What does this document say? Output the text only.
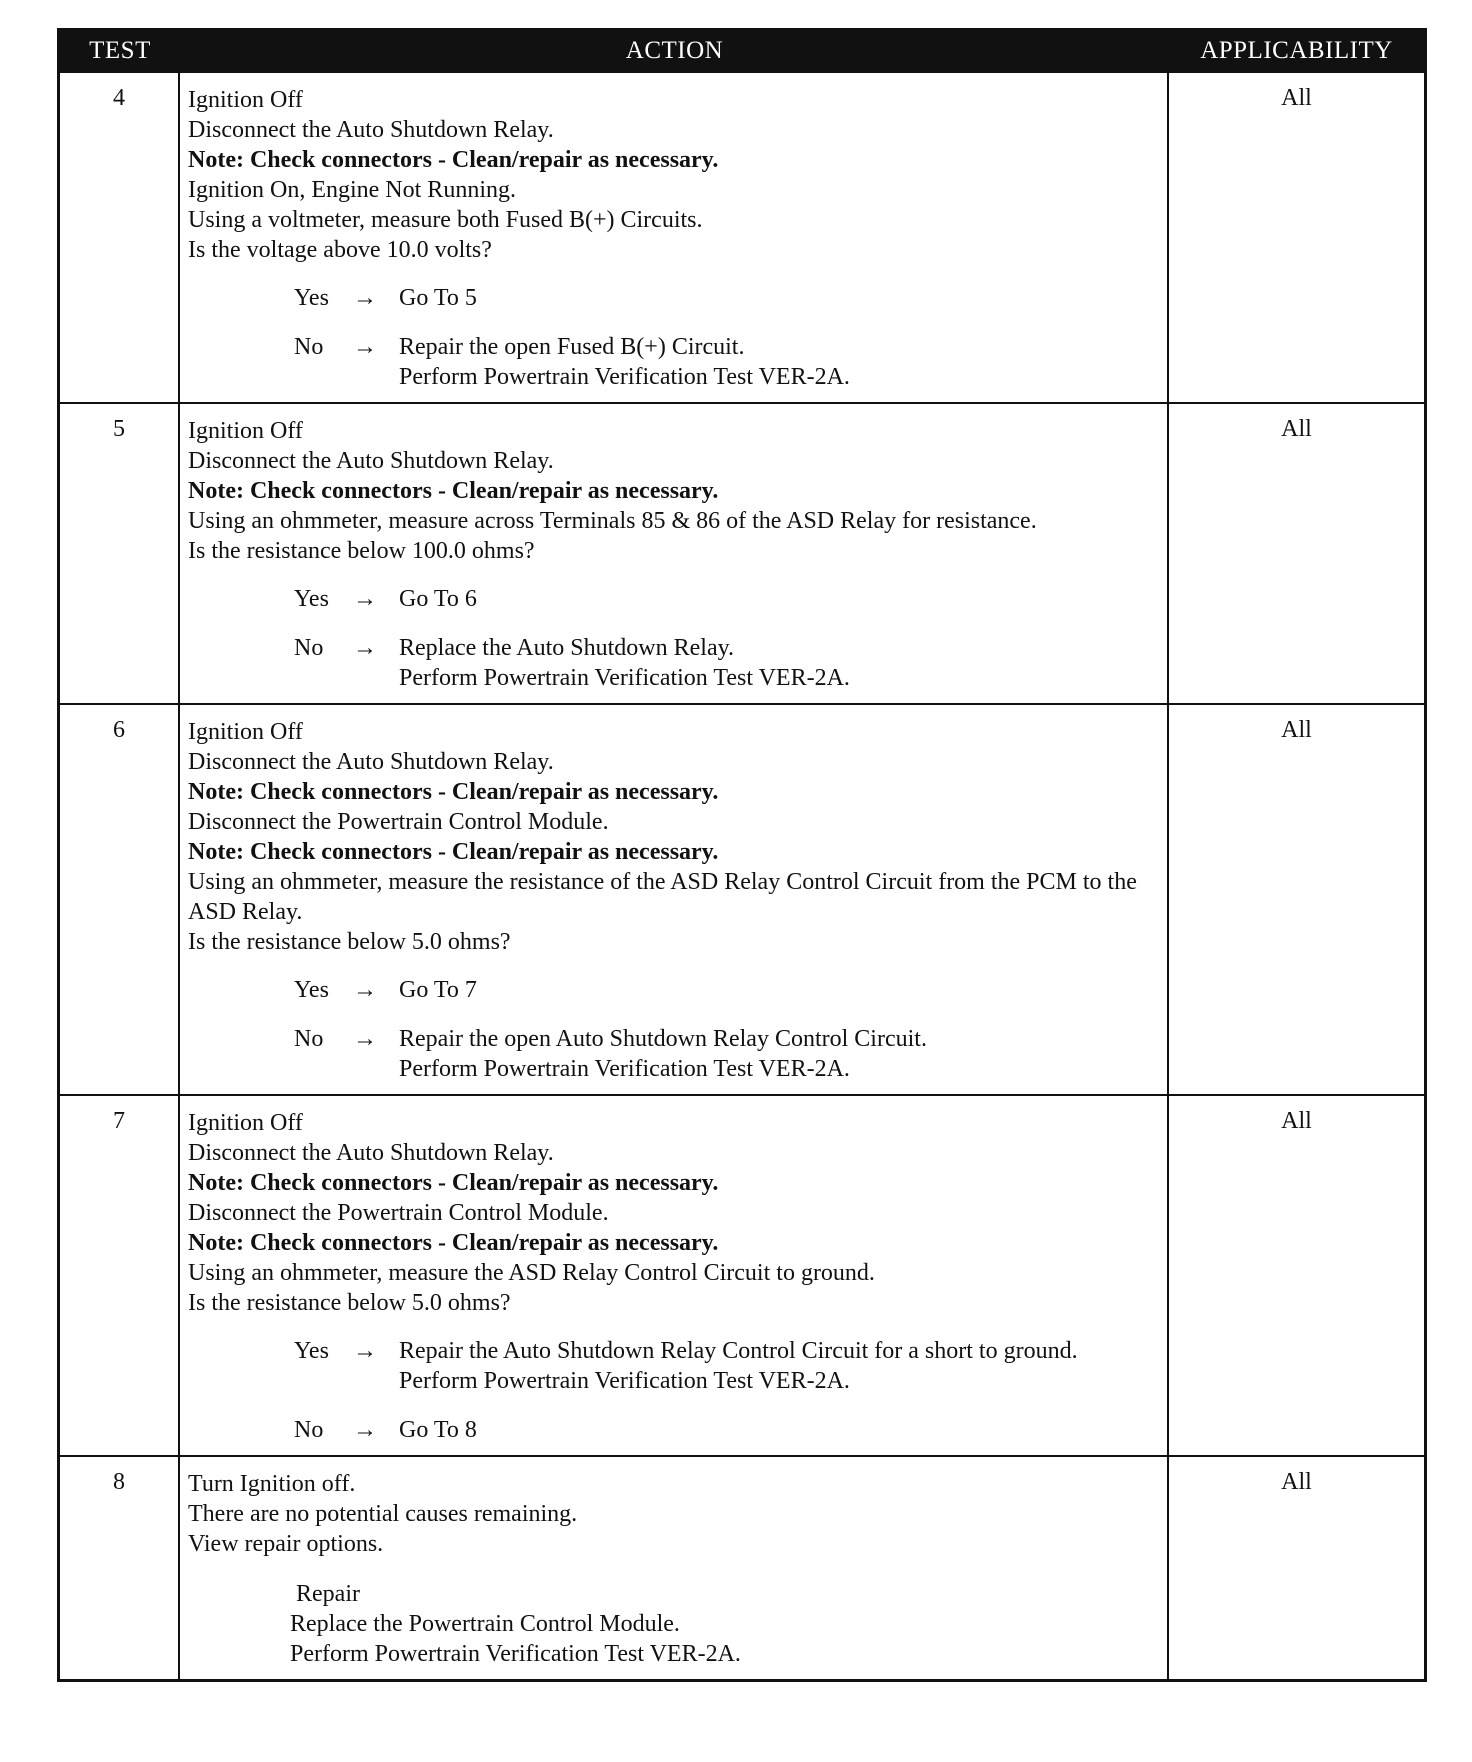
TEST	ACTION	APPLICABILITY
4	Ignition Off
Disconnect the Auto Shutdown Relay.
Note: Check connectors - Clean/repair as necessary.
Ignition On, Engine Not Running.
Using a voltmeter, measure both Fused B(+) Circuits.
Is the voltage above 10.0 volts?
Yes	→ Go To 5
No	→ Repair the open Fused B(+) Circuit.
Perform Powertrain Verification Test VER-2A.
All
5	Ignition Off
Disconnect the Auto Shutdown Relay.
Note: Check connectors - Clean/repair as necessary.
Using an ohmmeter, measure across Terminals 85 & 86 of the ASD Relay for resistance.
Is the resistance below 100.0 ohms?
Yes	→ Go To 6
No	→ Replace the Auto Shutdown Relay.
Perform Powertrain Verification Test VER-2A.
All
6	Ignition Off
Disconnect the Auto Shutdown Relay.
Note: Check connectors - Clean/repair as necessary.
Disconnect the Powertrain Control Module.
Note: Check connectors - Clean/repair as necessary.
Using an ohmmeter, measure the resistance of the ASD Relay Control Circuit from the PCM to the ASD Relay.
Is the resistance below 5.0 ohms?
Yes	→ Go To 7
No	→ Repair the open Auto Shutdown Relay Control Circuit.
Perform Powertrain Verification Test VER-2A.
All
7	Ignition Off
Disconnect the Auto Shutdown Relay.
Note: Check connectors - Clean/repair as necessary.
Disconnect the Powertrain Control Module.
Note: Check connectors - Clean/repair as necessary.
Using an ohmmeter, measure the ASD Relay Control Circuit to ground.
Is the resistance below 5.0 ohms?
Yes	→ Repair the Auto Shutdown Relay Control Circuit for a short to ground.
Perform Powertrain Verification Test VER-2A.
No	→ Go To 8
All
8	Turn Ignition off.
There are no potential causes remaining.
View repair options.
Repair
Replace the Powertrain Control Module.
Perform Powertrain Verification Test VER-2A.
All
